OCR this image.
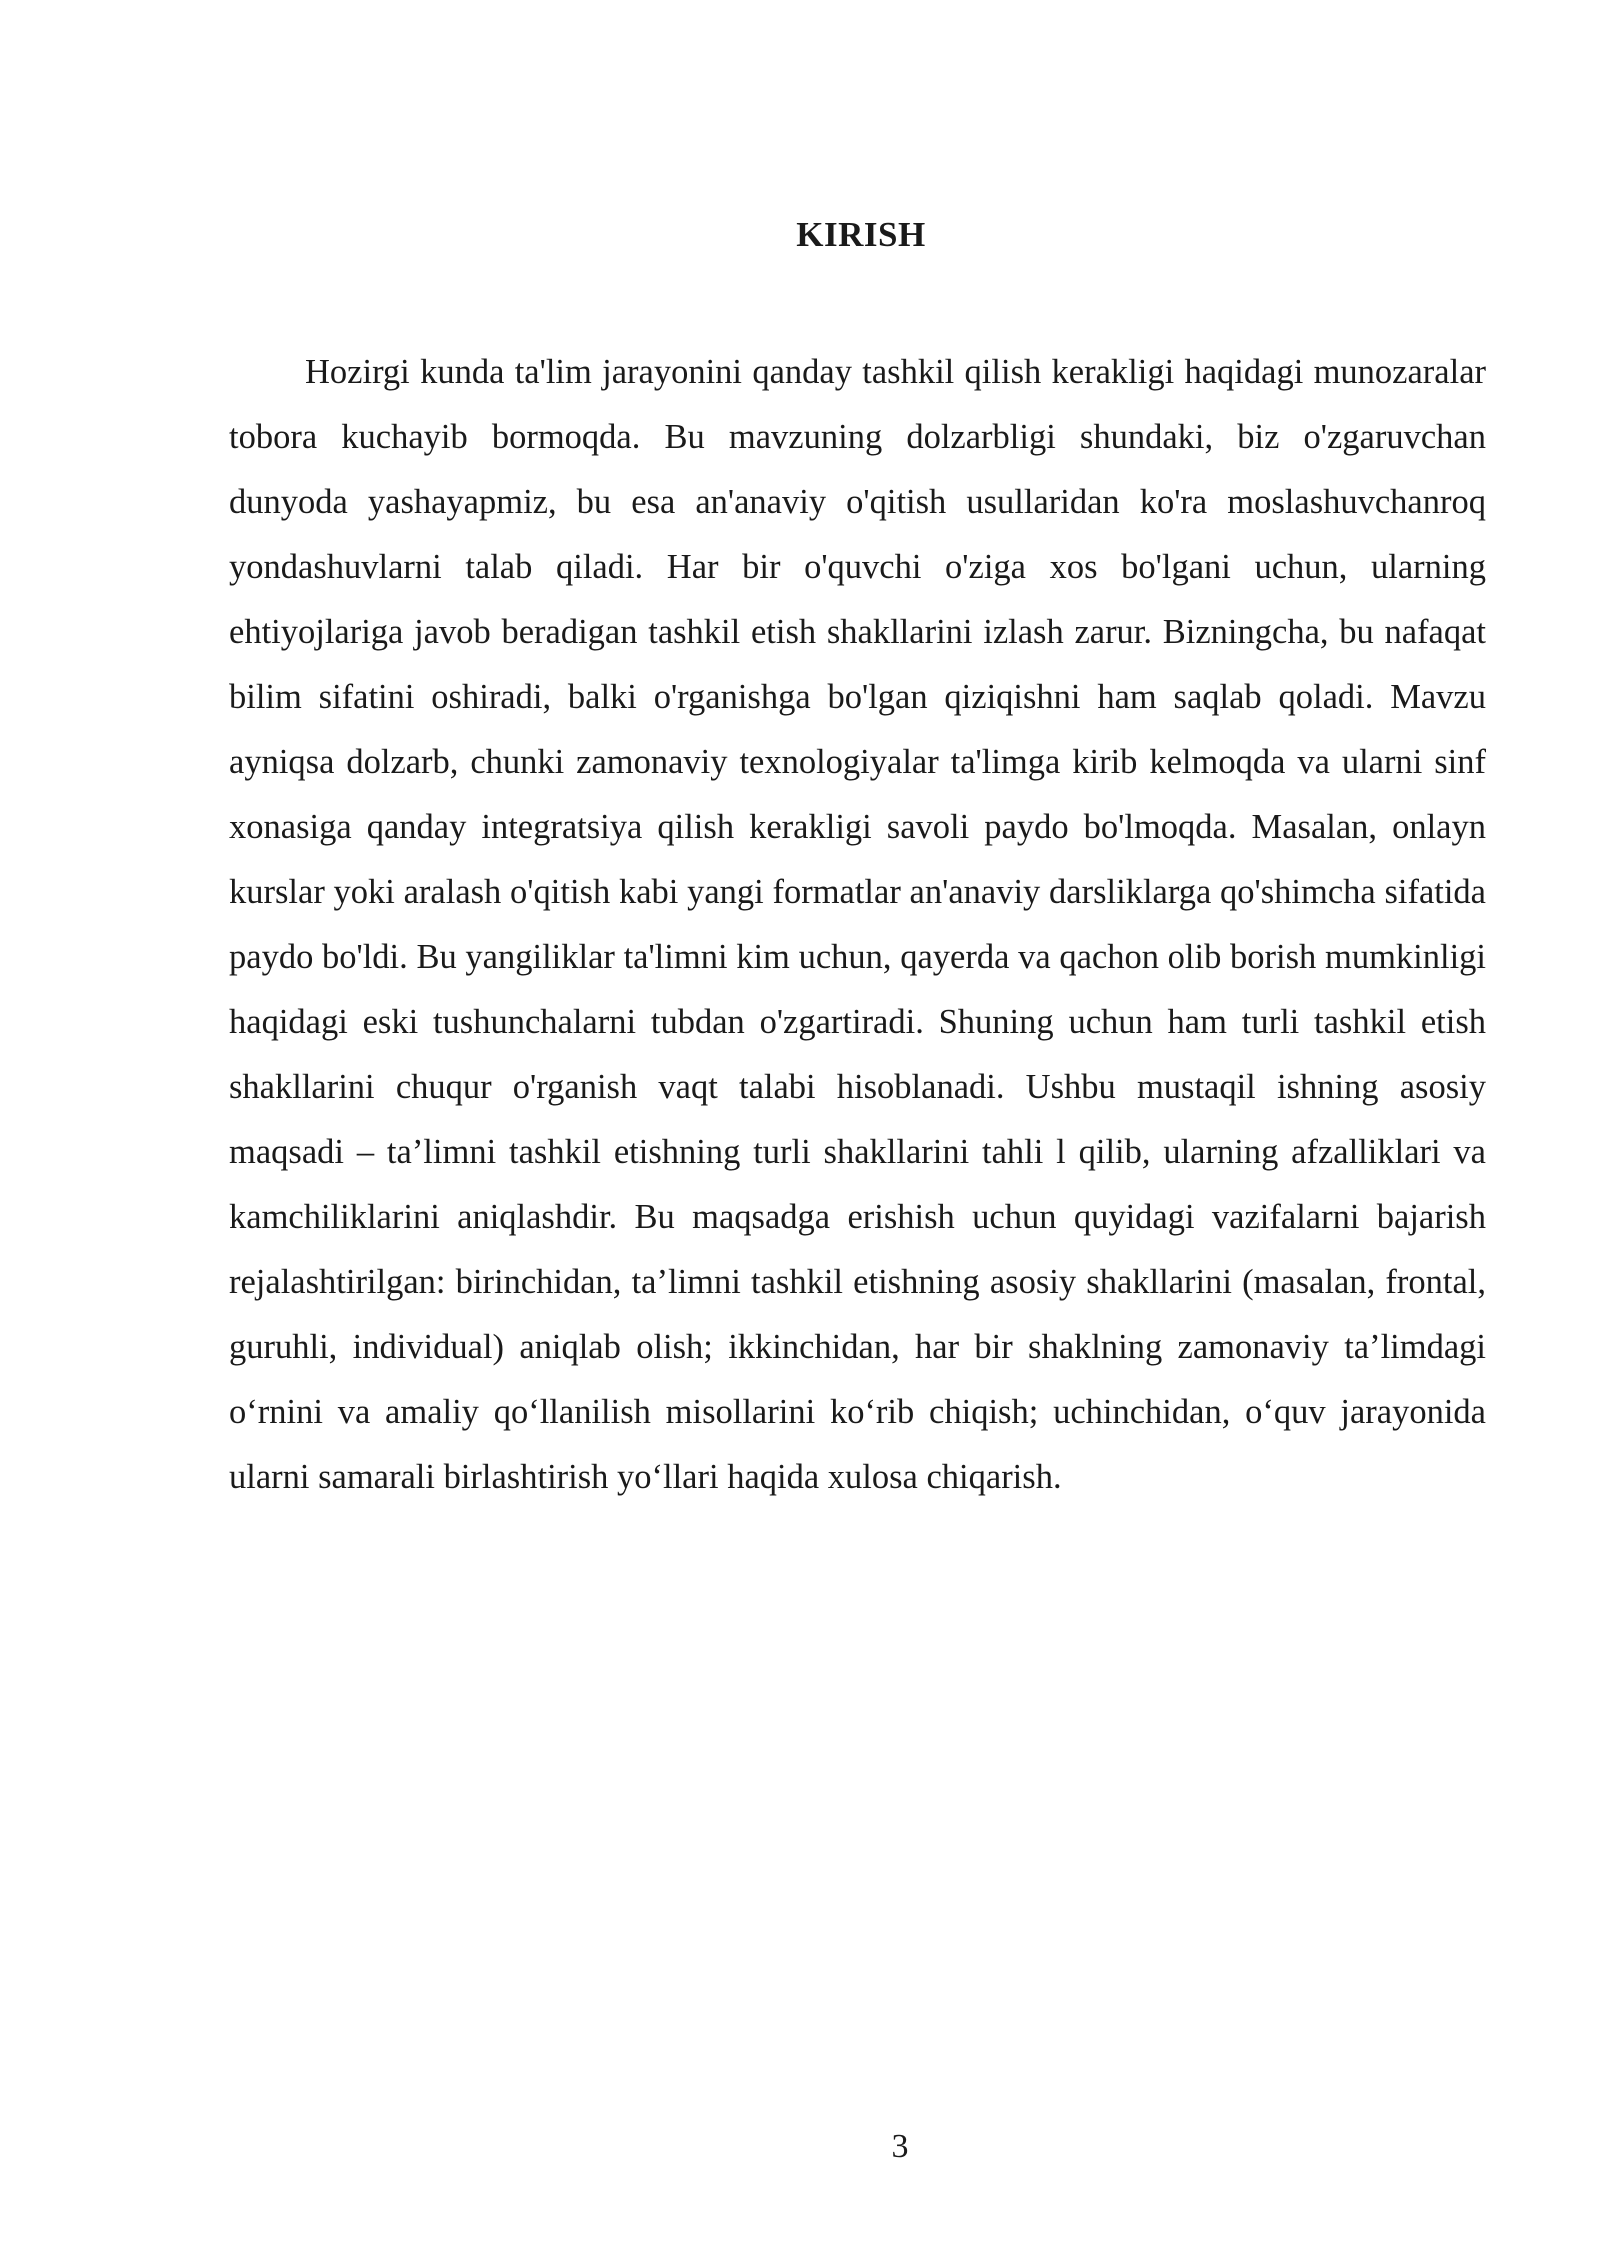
KIRISH

Hozirgi kunda ta'lim jarayonini qanday tashkil qilish kerakligi haqidagi munozaralar tobora kuchayib bormoqda. Bu mavzuning dolzarbligi shundaki, biz o'zgaruvchan dunyoda yashayapmiz, bu esa an'anaviy o'qitish usullaridan ko'ra moslashuvchanroq yondashuvlarni talab qiladi. Har bir o'quvchi o'ziga xos bo'lgani uchun, ularning ehtiyojlariga javob beradigan tashkil etish shakllarini izlash zarur. Bizningcha, bu nafaqat bilim sifatini oshiradi, balki o'rganishga bo'lgan qiziqishni ham saqlab qoladi. Mavzu ayniqsa dolzarb, chunki zamonaviy texnologiyalar ta'limga kirib kelmoqda va ularni sinf xonasiga qanday integratsiya qilish kerakligi savoli paydo bo'lmoqda. Masalan, onlayn kurslar yoki aralash o'qitish kabi yangi formatlar an'anaviy darsliklarga qo'shimcha sifatida paydo bo'ldi. Bu yangiliklar ta'limni kim uchun, qayerda va qachon olib borish mumkinligi haqidagi eski tushunchalarni tubdan o'zgartiradi. Shuning uchun ham turli tashkil etish shakllarini chuqur o'rganish vaqt talabi hisoblanadi. Ushbu mustaqil ishning asosiy maqsadi – ta’limni tashkil etishning turli shakllarini tahli l qilib, ularning afzalliklari va kamchiliklarini aniqlashdir. Bu maqsadga erishish uchun quyidagi vazifalarni bajarish rejalashtirilgan: birinchidan, ta’limni tashkil etishning asosiy shakllarini (masalan, frontal, guruhli, individual) aniqlab olish; ikkinchidan, har bir shaklning zamonaviy ta’limdagi o‘rnini va amaliy qo‘llanilish misollarini ko‘rib chiqish; uchinchidan, o‘quv jarayonida ularni samarali birlashtirish yo‘llari haqida xulosa chiqarish.

3
